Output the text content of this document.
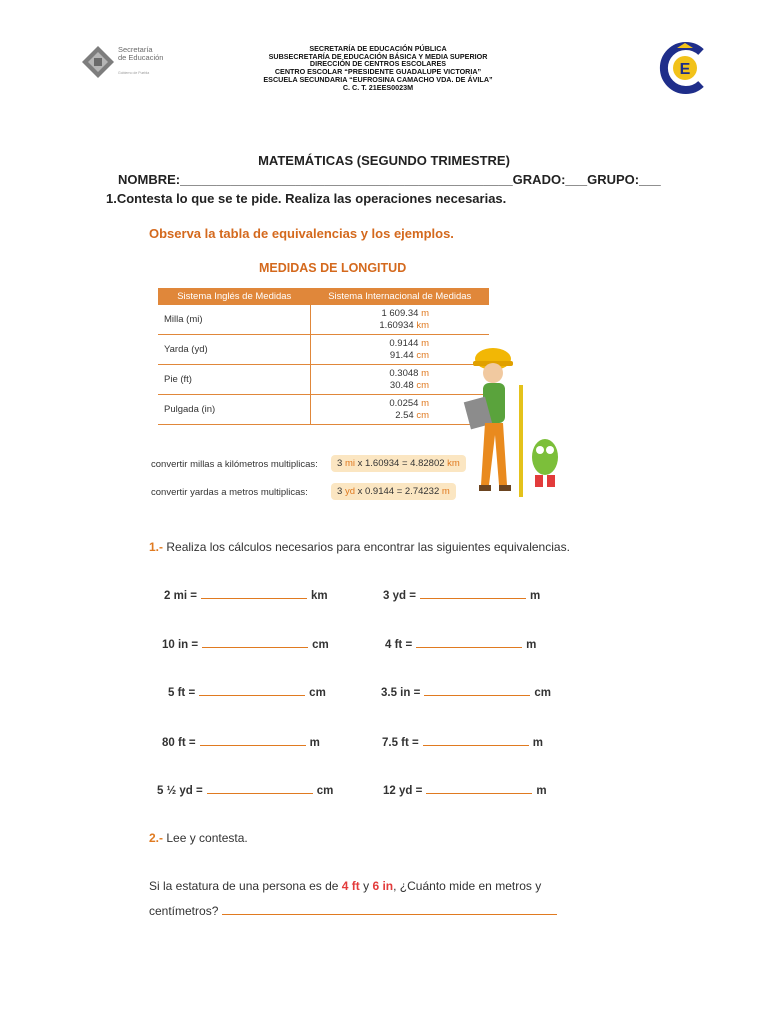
Secretaría
de Educación
Gobierno de Puebla
SECRETARÍA DE EDUCACIÓN PÚBLICA
SUBSECRETARÍA DE EDUCACIÓN BÁSICA Y MEDIA SUPERIOR
DIRECCIÓN DE CENTROS ESCOLARES
CENTRO ESCOLAR “PRESIDENTE GUADALUPE VICTORIA”
ESCUELA SECUNDARIA “EUFROSINA CAMACHO VDA. DE ÁVILA”
C. C. T. 21EES0023M
E
MATEMÁTICAS (SEGUNDO TRIMESTRE)
NOMBRE:______________________________________________GRADO:___GRUPO:___
1.Contesta lo que se te pide. Realiza las operaciones necesarias.
Observa la tabla de equivalencias y los ejemplos.
MEDIDAS DE LONGITUD
Sistema Inglés de Medidas	Sistema Internacional de Medidas
Milla (mi)	1 609.34 m
1.60934 km
Yarda (yd)	0.9144 m
91.44 cm
Pie (ft)	0.3048 m
30.48 cm
Pulgada (in)	0.0254 m
2.54 cm
convertir millas a kilómetros multiplicas:	3 mi x 1.60934 = 4.82802 km
convertir yardas a metros multiplicas:	3 yd x 0.9144 = 2.74232 m
1.- Realiza los cálculos necesarios para encontrar las siguientes equivalencias.
2 mi =	km	3 yd =	m
10 in =	cm	4 ft =	m
5 ft =	cm	3.5 in =	cm
80 ft =	m	7.5 ft =	m
5 ½ yd =	cm	12 yd =	m
2.- Lee y contesta.
Si la estatura de una persona es de 4 ft y 6 in, ¿Cuánto mide en metros y
centímetros?
